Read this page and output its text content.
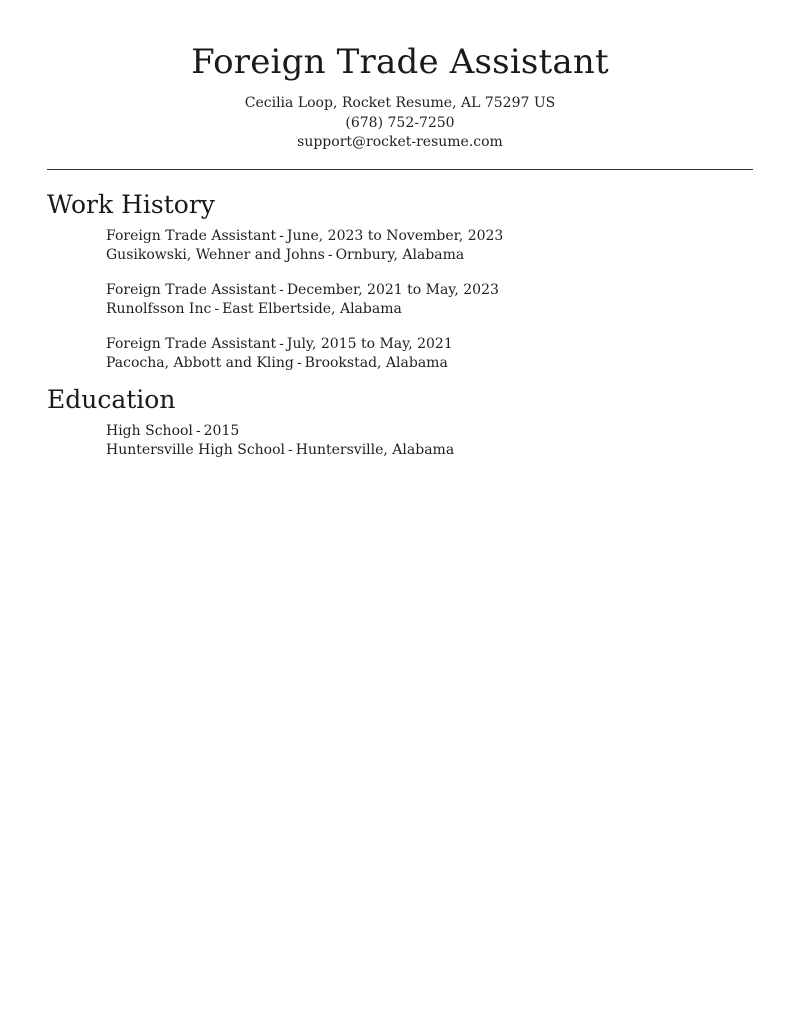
Foreign Trade Assistant
Cecilia Loop, Rocket Resume, AL 75297 US
(678) 752-7250
support@rocket-resume.com
Work History
Foreign Trade Assistant - June, 2023 to November, 2023
Gusikowski, Wehner and Johns - Ornbury, Alabama
Foreign Trade Assistant - December, 2021 to May, 2023
Runolfsson Inc - East Elbertside, Alabama
Foreign Trade Assistant - July, 2015 to May, 2021
Pacocha, Abbott and Kling - Brookstad, Alabama
Education
High School - 2015
Huntersville High School - Huntersville, Alabama
